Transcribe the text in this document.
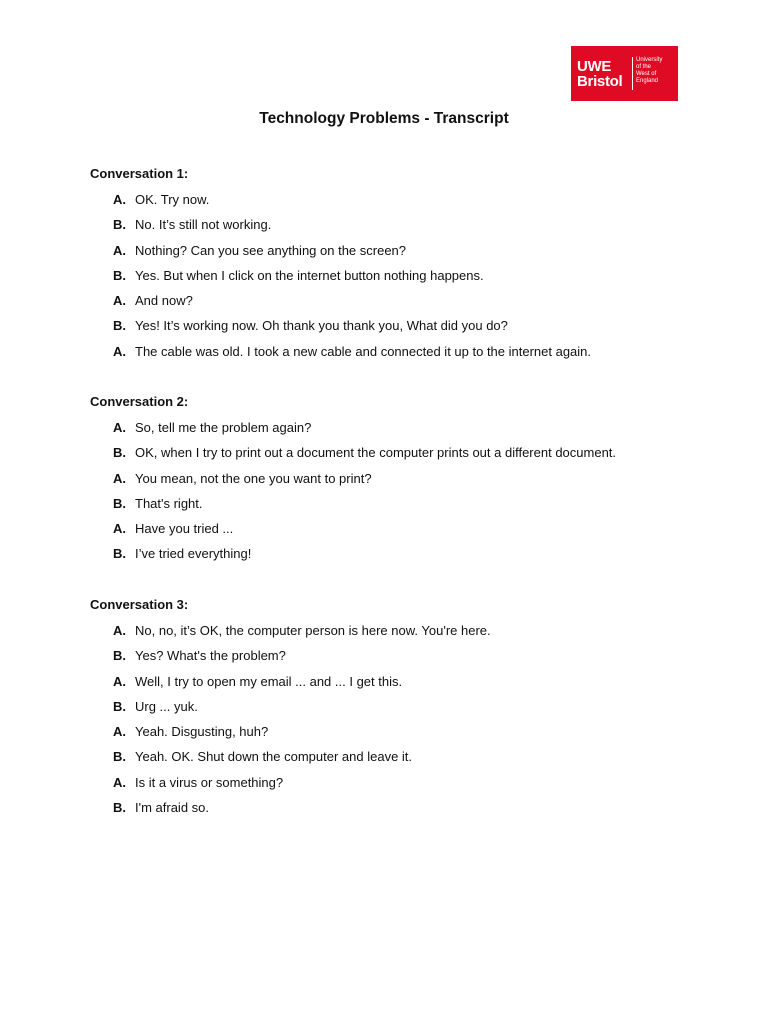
UWE
Bristol
University
of the
West of
England
Technology Problems - Transcript
Conversation 1:
A. OK. Try now.
B. No. It’s still not working.
A. Nothing? Can you see anything on the screen?
B. Yes. But when I click on the internet button nothing happens.
A. And now?
B. Yes! It’s working now. Oh thank you thank you, What did you do?
A. The cable was old. I took a new cable and connected it up to the internet again.
Conversation 2:
A. So, tell me the problem again?
B. OK, when I try to print out a document the computer prints out a different document.
A. You mean, not the one you want to print?
B. That's right.
A. Have you tried ...
B. I’ve tried everything!
Conversation 3:
A. No, no, it’s OK, the computer person is here now. You're here.
B. Yes? What's the problem?
A. Well, I try to open my email ... and ... I get this.
B. Urg ... yuk.
A. Yeah. Disgusting, huh?
B. Yeah. OK. Shut down the computer and leave it.
A. Is it a virus or something?
B. I'm afraid so.
